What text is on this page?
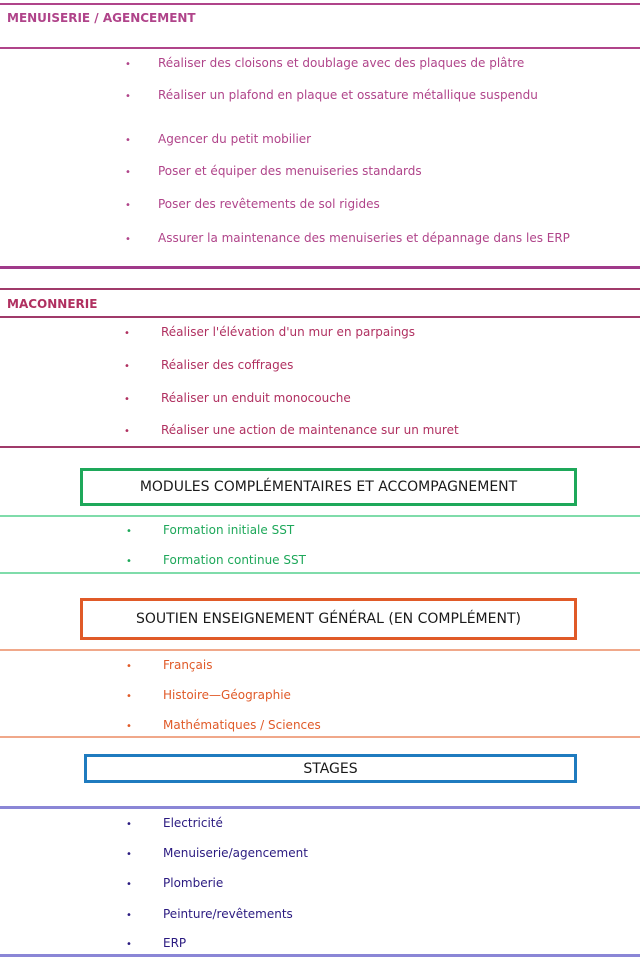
MENUISERIE / AGENCEMENT
• Réaliser des cloisons et doublage avec des plaques de plâtre
• Réaliser un plafond en plaque et ossature métallique suspendu
• Agencer du petit mobilier
• Poser et équiper des menuiseries standards
• Poser des revêtements de sol rigides
• Assurer la maintenance des menuiseries et dépannage dans les ERP
MACONNERIE
•	Réaliser l'élévation d'un mur en parpaings
•	Réaliser des coffrages
•	Réaliser un enduit monocouche
•	Réaliser une action de maintenance sur un muret
MODULES COMPLÉMENTAIRES ET ACCOMPAGNEMENT
•	Formation initiale SST
•	Formation continue SST
SOUTIEN ENSEIGNEMENT GÉNÉRAL (EN COMPLÉMENT)
•	Français
•	Histoire—Géographie
•	Mathématiques / Sciences
STAGES
•	Electricité
•	Menuiserie/agencement
•	Plomberie
•	Peinture/revêtements
•	ERP
